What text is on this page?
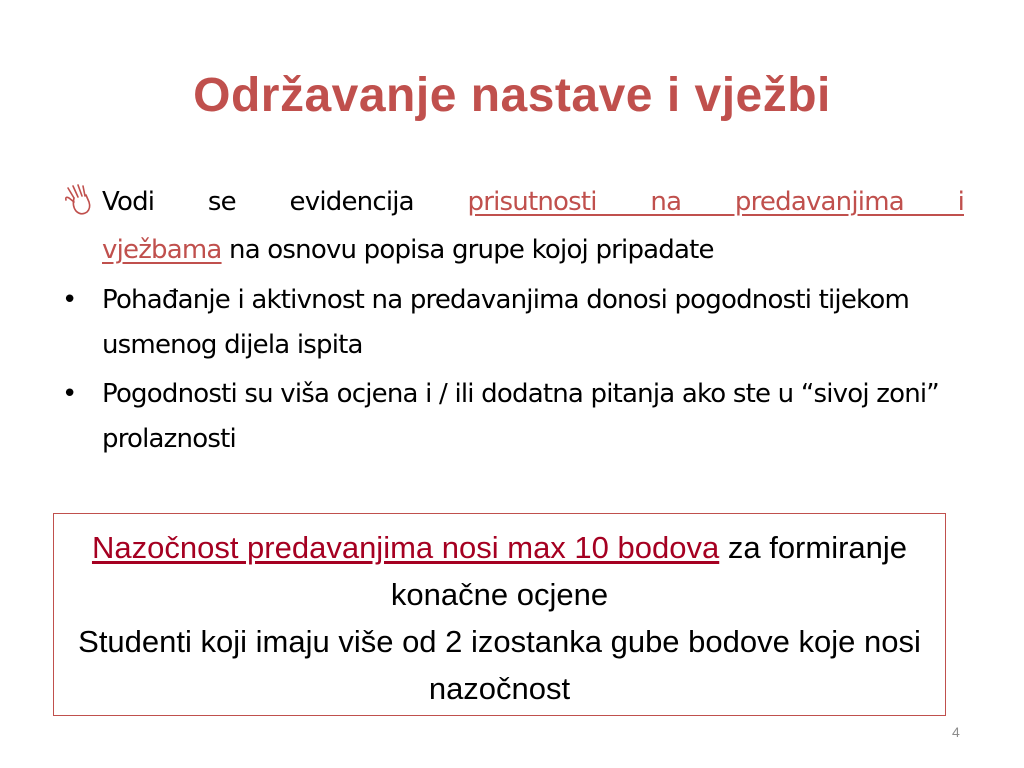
Održavanje nastave i vježbi
Vodi se evidencija prisutnosti na predavanjima i
vježbama na osnovu popisa grupe kojoj pripadate
• Pohađanje i aktivnost na predavanjima donosi pogodnosti tijekom usmenog dijela ispita
• Pogodnosti su viša ocjena i / ili dodatna pitanja ako ste u “sivoj zoni” prolaznosti
Nazočnost predavanjima nosi max 10 bodova za formiranje konačne ocjene
Studenti koji imaju više od 2 izostanka gube bodove koje nosi nazočnost
4
